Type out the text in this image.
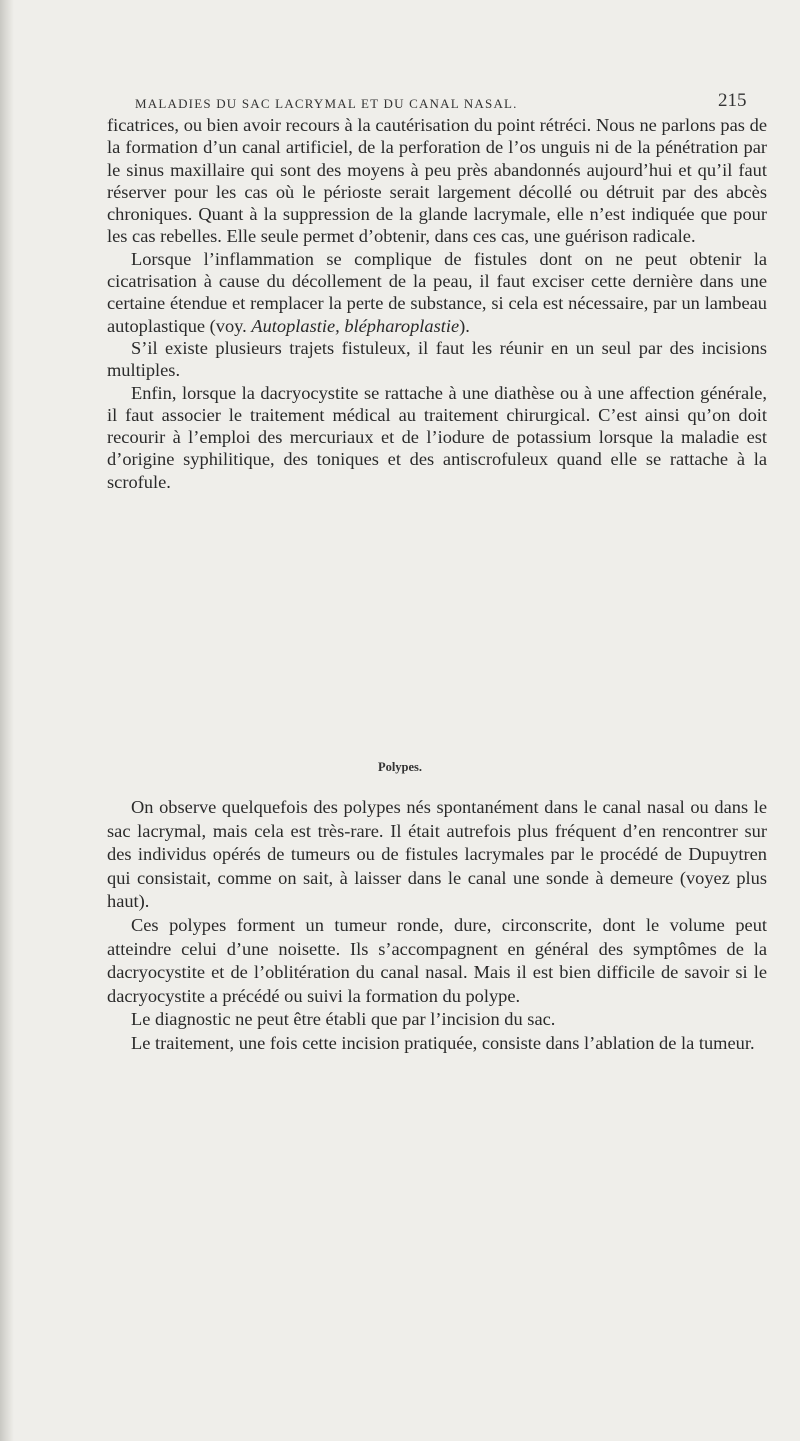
MALADIES DU SAC LACRYMAL ET DU CANAL NASAL.	215

ficatrices, ou bien avoir recours à la cautérisation du point rétréci. Nous ne parlons pas de la formation d’un canal artificiel, de la perforation de l’os unguis ni de la pénétration par le sinus maxillaire qui sont des moyens à peu près abandonnés aujourd’hui et qu’il faut réserver pour les cas où le périoste serait largement décollé ou détruit par des abcès chroniques. Quant à la suppression de la glande lacrymale, elle n’est indiquée que pour les cas rebelles. Elle seule permet d’obtenir, dans ces cas, une guérison radicale.

Lorsque l’inflammation se complique de fistules dont on ne peut obtenir la cicatrisation à cause du décollement de la peau, il faut exciser cette dernière dans une certaine étendue et remplacer la perte de substance, si cela est nécessaire, par un lambeau autoplastique (voy. Autoplastie, blépharoplastie).

S’il existe plusieurs trajets fistuleux, il faut les réunir en un seul par des incisions multiples.

Enfin, lorsque la dacryocystite se rattache à une diathèse ou à une affection générale, il faut associer le traitement médical au traitement chirurgical. C’est ainsi qu’on doit recourir à l’emploi des mercuriaux et de l’iodure de potassium lorsque la maladie est d’origine syphilitique, des toniques et des antiscrofuleux quand elle se rattache à la scrofule.

Polypes.

On observe quelquefois des polypes nés spontanément dans le canal nasal ou dans le sac lacrymal, mais cela est très-rare. Il était autrefois plus fréquent d’en rencontrer sur des individus opérés de tumeurs ou de fistules lacrymales par le procédé de Dupuytren qui consistait, comme on sait, à laisser dans le canal une sonde à demeure (voyez plus haut).

Ces polypes forment un tumeur ronde, dure, circonscrite, dont le volume peut atteindre celui d’une noisette. Ils s’accompagnent en général des symptômes de la dacryocystite et de l’oblitération du canal nasal. Mais il est bien difficile de savoir si le dacryocystite a précédé ou suivi la formation du polype.

Le diagnostic ne peut être établi que par l’incision du sac.

Le traitement, une fois cette incision pratiquée, consiste dans l’ablation de la tumeur.
